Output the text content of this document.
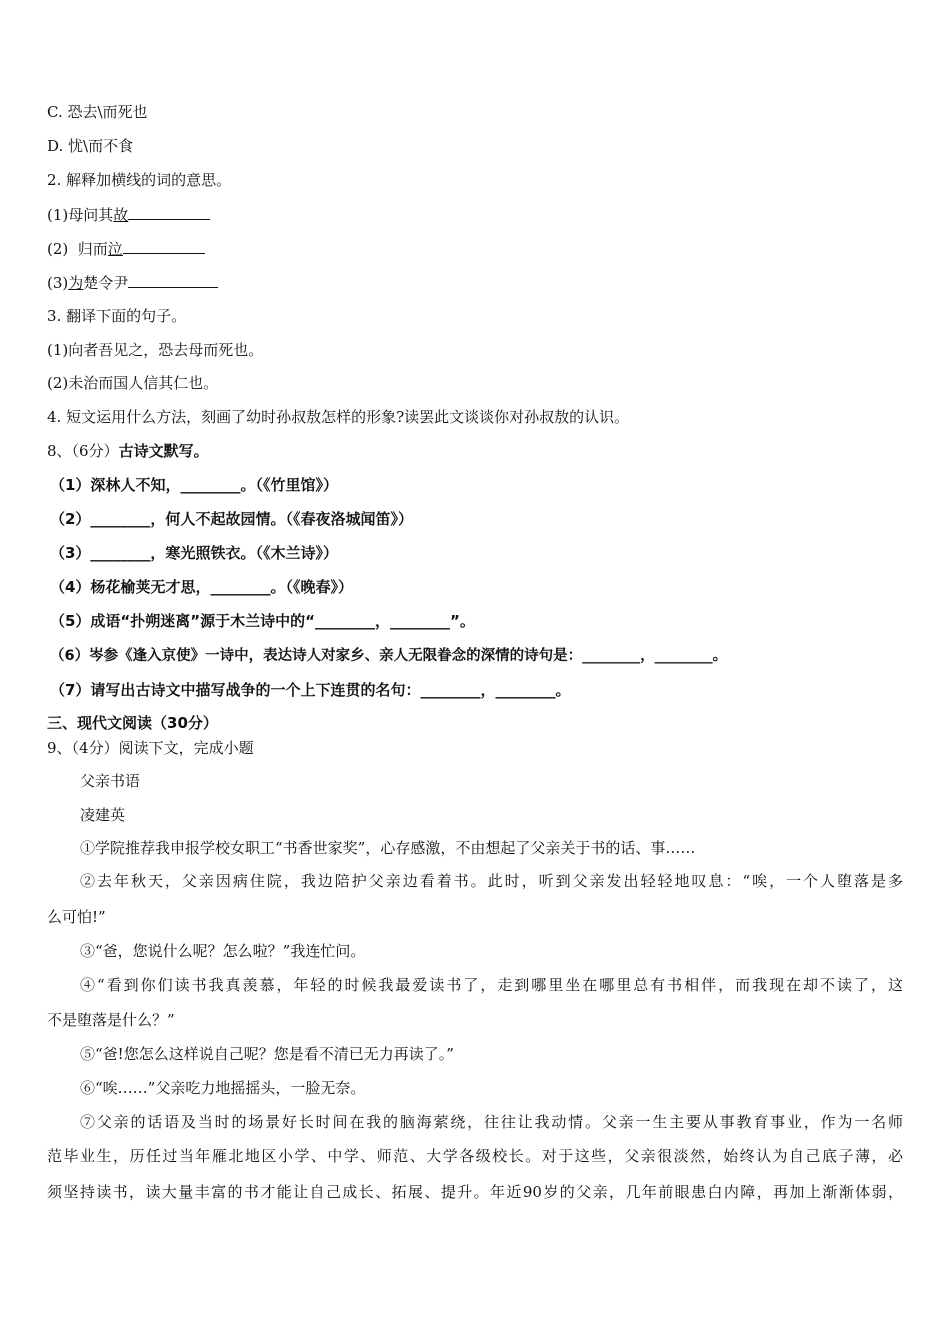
C. 恐去\而死也
D. 忧\而不食
2. 解释加横线的词的意思。
(1)母问其故
(2)  归而泣
(3)为楚令尹
3. 翻译下面的句子。
(1)向者吾见之，恐去母而死也。
(2)未治而国人信其仁也。
4. 短文运用什么方法，刻画了幼时孙叔敖怎样的形象?读罢此文谈谈你对孙叔敖的认识。
8、（6分）古诗文默写。
（1）深林人不知，________。（《竹里馆》）
（2）________，何人不起故园情。（《春夜洛城闻笛》）
（3）________，寒光照铁衣。（《木兰诗》）
（4）杨花榆荚无才思，________。（《晚春》）
（5）成语“扑朔迷离”源于木兰诗中的“________，________”。
（6）岑参《逢入京使》一诗中，表达诗人对家乡、亲人无限眷念的深情的诗句是：________，________。
（7）请写出古诗文中描写战争的一个上下连贯的名句：________，________。
三、现代文阅读（30分）
9、（4分）阅读下文，完成小题
父亲书语
凌建英
①学院推荐我申报学校女职工“书香世家奖”，心存感激，不由想起了父亲关于书的话、事……
②去年秋天，父亲因病住院，我边陪护父亲边看着书。此时，听到父亲发出轻轻地叹息：“唉，一个人堕落是多
么可怕!”
③“爸，您说什么呢？怎么啦？”我连忙问。
④“看到你们读书我真羡慕，年轻的时候我最爱读书了，走到哪里坐在哪里总有书相伴，而我现在却不读了，这
不是堕落是什么？”
⑤“爸!您怎么这样说自己呢？您是看不清已无力再读了。”
⑥“唉……”父亲吃力地摇摇头，一脸无奈。
⑦父亲的话语及当时的场景好长时间在我的脑海萦绕，往往让我动情。父亲一生主要从事教育事业，作为一名师
范毕业生，历任过当年雁北地区小学、中学、师范、大学各级校长。对于这些，父亲很淡然，始终认为自己底子薄，必
须坚持读书，读大量丰富的书才能让自己成长、拓展、提升。年近90岁的父亲，几年前眼患白内障，再加上渐渐体弱，
